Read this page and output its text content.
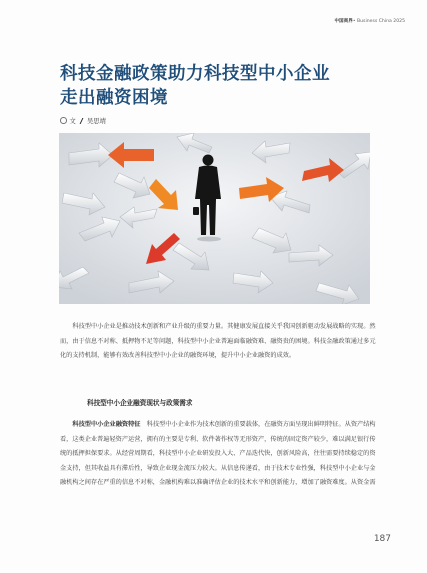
中国商界• Business China 2025
科技金融政策助力科技型中小企业
走出融资困境
文 吴思靖

科技型中小企业是推动技术创新和产业升级的重要力量。其健康发展直接关乎我国创新驱动发展战略的实现。然而，由于信息不对称、抵押物不足等问题，科技型中小企业普遍面临融资难、融资贵的困境。科技金融政策通过多元化的支持机制，能够有效改善科技型中小企业的融资环境，提升中小企业融资的成效。

科技型中小企业融资现状与政策需求

科技型中小企业融资特征　 科技型中小企业作为技术创新的重要载体，在融资方面呈现出鲜明特征。从资产结构看，这类企业普遍轻资产运营，拥有的主要是专利、软件著作权等无形资产，传统的固定资产较少，难以满足银行传统的抵押担保要求。从经营周期看，科技型中小企业研发投入大、产品迭代快，创新风险高，往往需要持续稳定的资金支持，但其收益具有滞后性，导致企业现金流压力较大。从信息传递看，由于技术专业性强，科技型中小企业与金融机构之间存在严重的信息不对称，金融机构难以准确评估企业的技术水平和创新能力，增加了融资难度。从资金需

187
